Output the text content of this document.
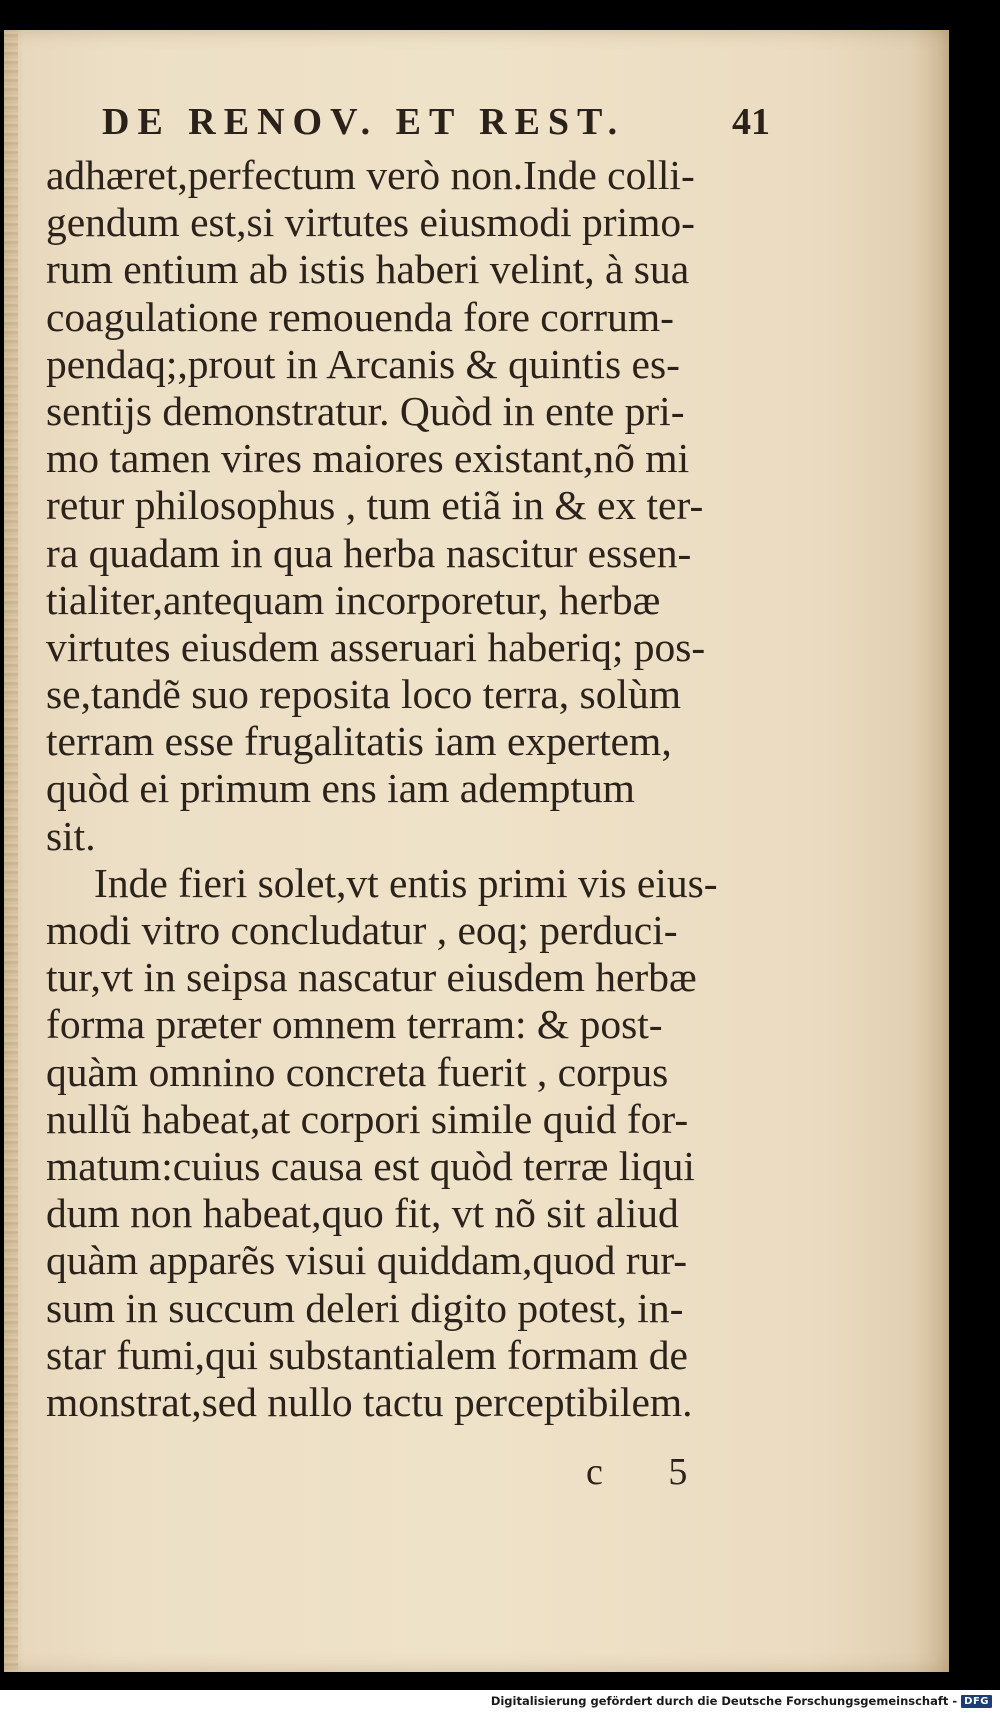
DE RENOV. ET REST.	41
adhæret,perfectum verò non.Inde colli-
gendum est,si virtutes eiusmodi primo-
rum entium ab istis haberi velint, à sua
coagulatione remouenda fore corrum-
pendaq;,prout in Arcanis & quintis es-
sentijs demonstratur. Quòd in ente pri-
mo tamen vires maiores existant,nõ mi
retur philosophus , tum etiã in & ex ter-
ra quadam in qua herba nascitur essen-
tialiter,antequam incorporetur, herbæ
virtutes eiusdem asseruari haberiq; pos-
se,tandẽ suo reposita loco terra, solùm
terram esse frugalitatis iam expertem,
quòd ei primum ens iam ademptum
sit.
Inde fieri solet,vt entis primi vis eius-
modi vitro concludatur , eoq; perduci-
tur,vt in seipsa nascatur eiusdem herbæ
forma præter omnem terram: & post-
quàm omnino concreta fuerit , corpus
nullũ habeat,at corpori simile quid for-
matum:cuius causa est quòd terræ liqui
dum non habeat,quo fit, vt nõ sit aliud
quàm apparẽs visui quiddam,quod rur-
sum in succum deleri digito potest, in-
star fumi,qui substantialem formam de
monstrat,sed nullo tactu perceptibilem.
c 5
Digitalisierung gefördert durch die Deutsche Forschungsgemeinschaft - DFG
